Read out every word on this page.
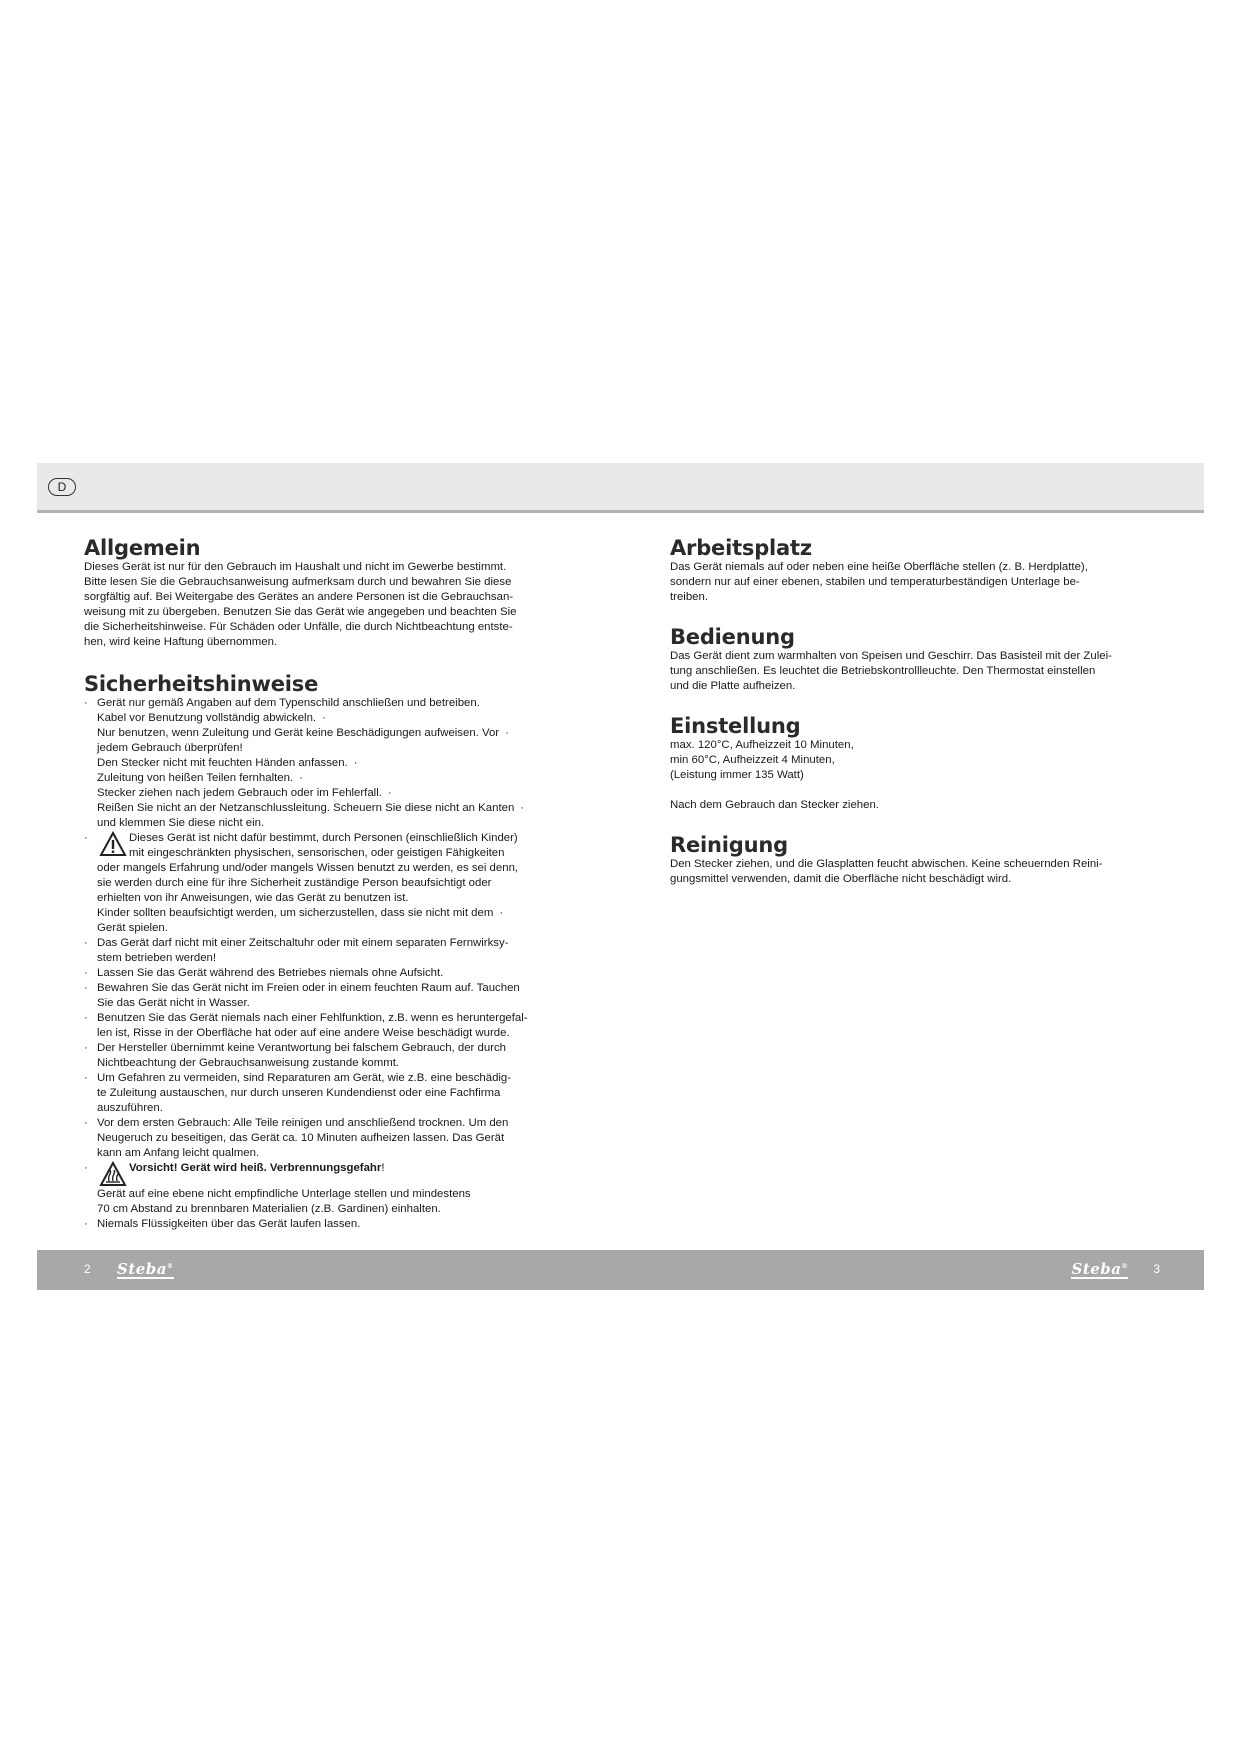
D
Allgemein

Dieses Gerät ist nur für den Gebrauch im Haushalt und nicht im Gewerbe bestimmt.

Bitte lesen Sie die Gebrauchsanweisung aufmerksam durch und bewahren Sie diese

sorgfältig auf. Bei Weitergabe des Gerätes an andere Personen ist die Gebrauchsan-

weisung mit zu übergeben. Benutzen Sie das Gerät wie angegeben und beachten Sie

die Sicherheitshinweise. Für Schäden oder Unfälle, die durch Nichtbeachtung entste-

hen, wird keine Haftung übernommen.

Sicherheitshinweise
· Gerät nur gemäß Angaben auf dem Typenschild anschließen und betreiben.
Kabel vor Benutzung vollständig abwickeln. ·
Nur benutzen, wenn Zuleitung und Gerät keine Beschädigungen aufweisen. Vor ·
jedem Gebrauch überprüfen!
Den Stecker nicht mit feuchten Händen anfassen. ·
Zuleitung von heißen Teilen fernhalten. ·
Stecker ziehen nach jedem Gebrauch oder im Fehlerfall. ·
Reißen Sie nicht an der Netzanschlussleitung. Scheuern Sie diese nicht an Kanten ·
und klemmen Sie diese nicht ein.
· Dieses Gerät ist nicht dafür bestimmt, durch Personen (einschließlich Kinder)
mit eingeschränkten physischen, sensorischen, oder geistigen Fähigkeiten
oder mangels Erfahrung und/oder mangels Wissen benutzt zu werden, es sei denn,
sie werden durch eine für ihre Sicherheit zuständige Person beaufsichtigt oder
erhielten von ihr Anweisungen, wie das Gerät zu benutzen ist.
Kinder sollten beaufsichtigt werden, um sicherzustellen, dass sie nicht mit dem ·
Gerät spielen.
· Das Gerät darf nicht mit einer Zeitschaltuhr oder mit einem separaten Fernwirksy-
stem betrieben werden!
· Lassen Sie das Gerät während des Betriebes niemals ohne Aufsicht.
· Bewahren Sie das Gerät nicht im Freien oder in einem feuchten Raum auf. Tauchen
Sie das Gerät nicht in Wasser.
· Benutzen Sie das Gerät niemals nach einer Fehlfunktion, z.B. wenn es heruntergefal-
len ist, Risse in der Oberfläche hat oder auf eine andere Weise beschädigt wurde.
· Der Hersteller übernimmt keine Verantwortung bei falschem Gebrauch, der durch
Nichtbeachtung der Gebrauchsanweisung zustande kommt.
· Um Gefahren zu vermeiden, sind Reparaturen am Gerät, wie z.B. eine beschädig-
te Zuleitung austauschen, nur durch unseren Kundendienst oder eine Fachfirma
auszuführen.
· Vor dem ersten Gebrauch: Alle Teile reinigen und anschließend trocknen. Um den
Neugeruch zu beseitigen, das Gerät ca. 10 Minuten aufheizen lassen. Das Gerät
kann am Anfang leicht qualmen.
· Vorsicht! Gerät wird heiß. Verbrennungsgefahr!
Gerät auf eine ebene nicht empfindliche Unterlage stellen und mindestens
70 cm Abstand zu brennbaren Materialien (z.B. Gardinen) einhalten.
· Niemals Flüssigkeiten über das Gerät laufen lassen.
Arbeitsplatz

Das Gerät niemals auf oder neben eine heiße Oberfläche stellen (z. B. Herdplatte),

sondern nur auf einer ebenen, stabilen und temperaturbeständigen Unterlage be-

treiben.

Bedienung

Das Gerät dient zum warmhalten von Speisen und Geschirr. Das Basisteil mit der Zulei-

tung anschließen. Es leuchtet die Betriebskontrollleuchte. Den Thermostat einstellen

und die Platte aufheizen.

Einstellung

max. 120°C, Aufheizzeit 10 Minuten,

min 60°C, Aufheizzeit 4 Minuten,

(Leistung immer 135 Watt)

Nach dem Gebrauch dan Stecker ziehen.

Reinigung

Den Stecker ziehen, und die Glasplatten feucht abwischen. Keine scheuernden Reini-

gungsmittel verwenden, damit die Oberfläche nicht beschädigt wird.

2 Steba®	Steba® 3
